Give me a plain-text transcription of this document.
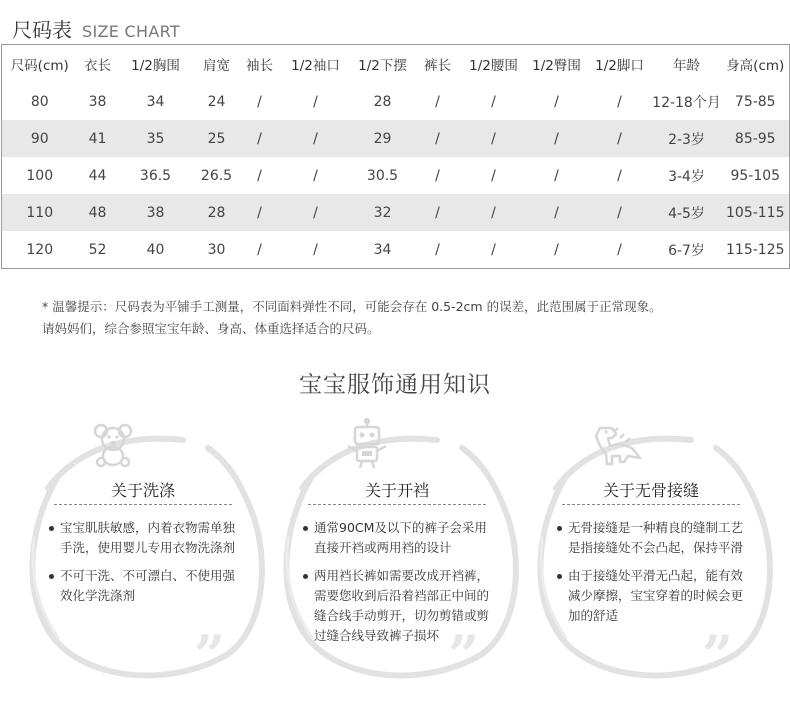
尺码表 SIZE CHART
尺码(cm)	衣长	1/2胸围	肩宽	袖长	1/2袖口	1/2下摆	裤长	1/2腰围	1/2臀围	1/2脚口	年龄	身高(cm)
80	38	34	24	/	/	28	/	/	/	/	12-18个月	75-85
90	41	35	25	/	/	29	/	/	/	/	2-3岁	85-95
100	44	36.5	26.5	/	/	30.5	/	/	/	/	3-4岁	95-105
110	48	38	28	/	/	32	/	/	/	/	4-5岁	105-115
120	52	40	30	/	/	34	/	/	/	/	6-7岁	115-125
* 温馨提示：尺码表为平铺手工测量，不同面料弹性不同，可能会存在 0.5-2cm 的误差，此范围属于正常现象。
请妈妈们，综合参照宝宝年龄、身高、体重选择适合的尺码。
宝宝服饰通用知识
”
关于洗涤
宝宝肌肤敏感，内着衣物需单独手洗，使用婴儿专用衣物洗涤剂
不可干洗、不可漂白、不使用强效化学洗涤剂
”
关于开裆
通常90CM及以下的裤子会采用直接开裆或两用裆的设计
两用裆长裤如需要改成开裆裤，需要您收到后沿着裆部正中间的缝合线手动剪开，切勿剪错或剪过缝合线导致裤子损坏	”
关于无骨接缝
无骨接缝是一种精良的缝制工艺是指接缝处不会凸起，保持平滑
由于接缝处平滑无凸起，能有效减少摩擦，宝宝穿着的时候会更加的舒适
